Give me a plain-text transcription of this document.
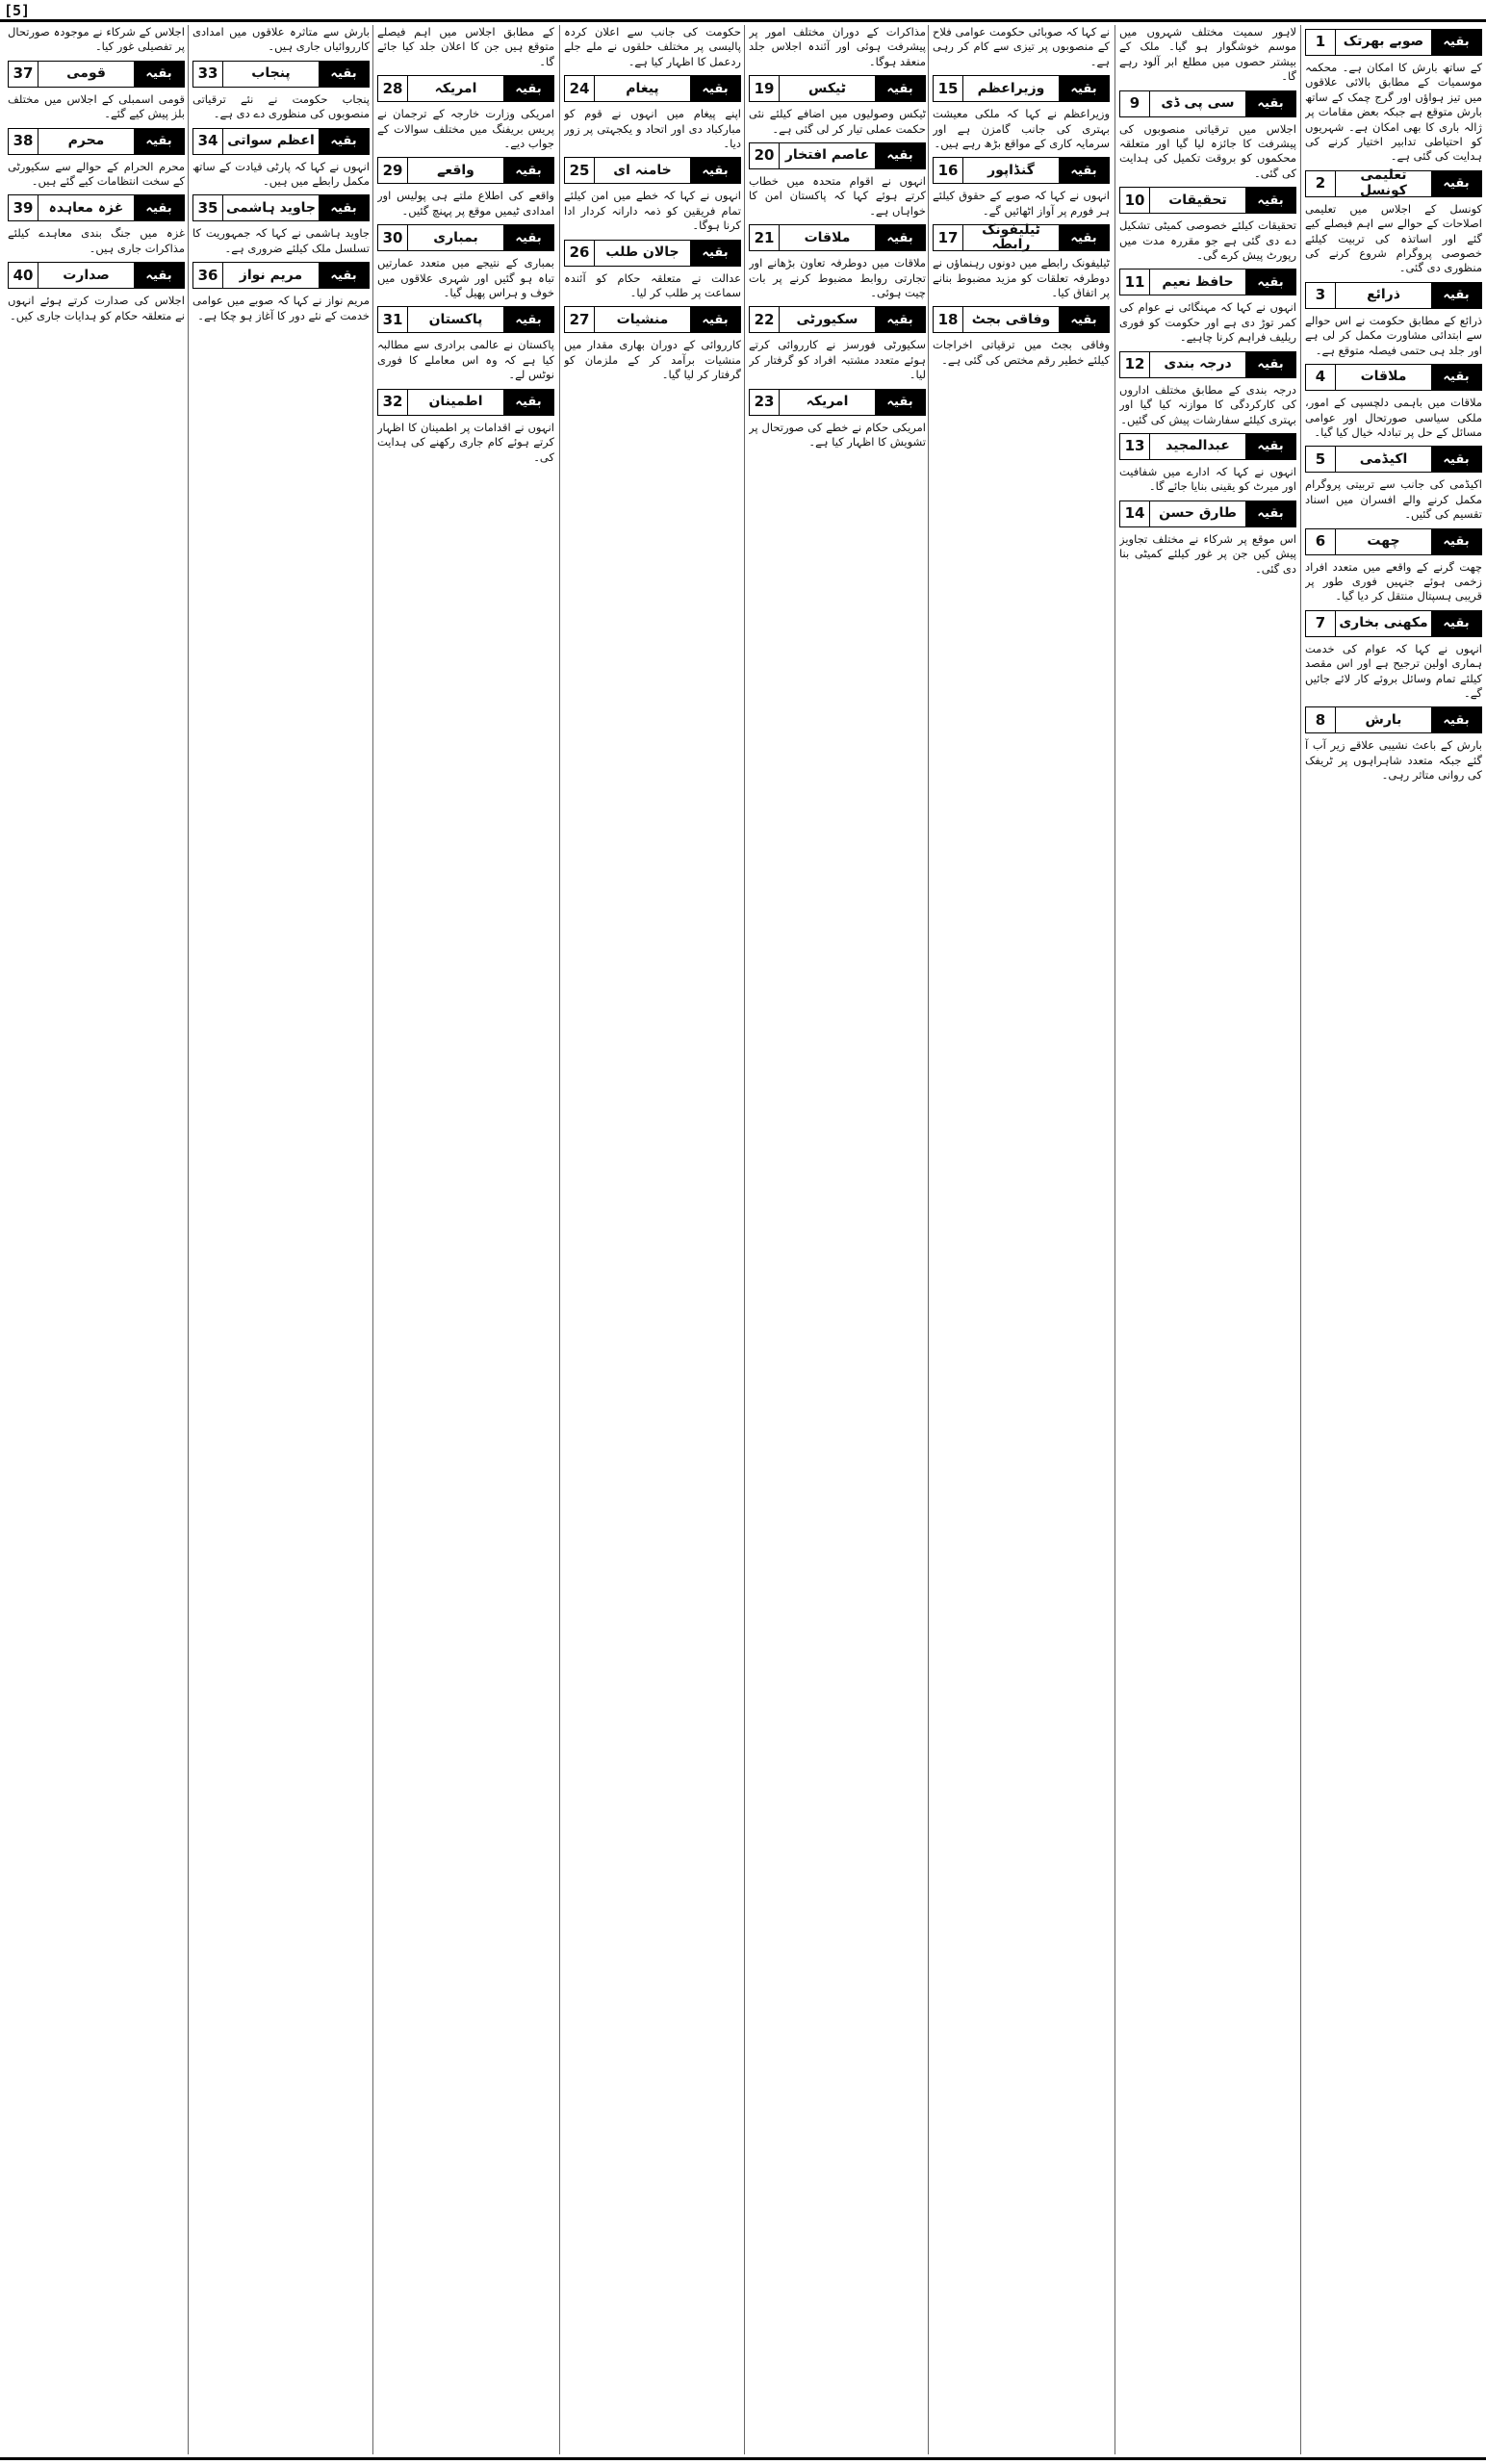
[5]
بقیہ
صوبے بھرتک
1
کے ساتھ بارش کا امکان ہے۔ محکمہ موسمیات کے مطابق بالائی علاقوں میں تیز ہواؤں اور گرج چمک کے ساتھ بارش متوقع ہے جبکہ بعض مقامات پر ژالہ باری کا بھی امکان ہے۔ شہریوں کو احتیاطی تدابیر اختیار کرنے کی ہدایت کی گئی ہے۔
بقیہ
تعلیمی کونسل
2
کونسل کے اجلاس میں تعلیمی اصلاحات کے حوالے سے اہم فیصلے کیے گئے اور اساتذہ کی تربیت کیلئے خصوصی پروگرام شروع کرنے کی منظوری دی گئی۔
بقیہ
ذرائع
3
ذرائع کے مطابق حکومت نے اس حوالے سے ابتدائی مشاورت مکمل کر لی ہے اور جلد ہی حتمی فیصلہ متوقع ہے۔
بقیہ
ملاقات
4
ملاقات میں باہمی دلچسپی کے امور، ملکی سیاسی صورتحال اور عوامی مسائل کے حل پر تبادلہ خیال کیا گیا۔
بقیہ
اکیڈمی
5
اکیڈمی کی جانب سے تربیتی پروگرام مکمل کرنے والے افسران میں اسناد تقسیم کی گئیں۔
بقیہ
چھت
6
چھت گرنے کے واقعے میں متعدد افراد زخمی ہوئے جنہیں فوری طور پر قریبی ہسپتال منتقل کر دیا گیا۔
بقیہ
مکھنی بخاری
7
انہوں نے کہا کہ عوام کی خدمت ہماری اولین ترجیح ہے اور اس مقصد کیلئے تمام وسائل بروئے کار لائے جائیں گے۔
بقیہ
بارش
8
بارش کے باعث نشیبی علاقے زیر آب آ گئے جبکہ متعدد شاہراہوں پر ٹریفک کی روانی متاثر رہی۔
لاہور سمیت مختلف شہروں میں موسم خوشگوار ہو گیا۔ ملک کے بیشتر حصوں میں مطلع ابر آلود رہے گا۔
بقیہ
سی پی ڈی
9
اجلاس میں ترقیاتی منصوبوں کی پیشرفت کا جائزہ لیا گیا اور متعلقہ محکموں کو بروقت تکمیل کی ہدایت کی گئی۔
بقیہ
تحقیقات
10
تحقیقات کیلئے خصوصی کمیٹی تشکیل دے دی گئی ہے جو مقررہ مدت میں رپورٹ پیش کرے گی۔
بقیہ
حافظ نعیم
11
انہوں نے کہا کہ مہنگائی نے عوام کی کمر توڑ دی ہے اور حکومت کو فوری ریلیف فراہم کرنا چاہیے۔
بقیہ
درجہ بندی
12
درجہ بندی کے مطابق مختلف اداروں کی کارکردگی کا موازنہ کیا گیا اور بہتری کیلئے سفارشات پیش کی گئیں۔
بقیہ
عبدالمجید
13
انہوں نے کہا کہ ادارے میں شفافیت اور میرٹ کو یقینی بنایا جائے گا۔
بقیہ
طارق حسن
14
اس موقع پر شرکاء نے مختلف تجاویز پیش کیں جن پر غور کیلئے کمیٹی بنا دی گئی۔
نے کہا کہ صوبائی حکومت عوامی فلاح کے منصوبوں پر تیزی سے کام کر رہی ہے۔
بقیہ
وزیراعظم
15
وزیراعظم نے کہا کہ ملکی معیشت بہتری کی جانب گامزن ہے اور سرمایہ کاری کے مواقع بڑھ رہے ہیں۔
بقیہ
گنڈاپور
16
انہوں نے کہا کہ صوبے کے حقوق کیلئے ہر فورم پر آواز اٹھائیں گے۔
بقیہ
ٹیلیفونک رابطہ
17
ٹیلیفونک رابطے میں دونوں رہنماؤں نے دوطرفہ تعلقات کو مزید مضبوط بنانے پر اتفاق کیا۔
بقیہ
وفاقی بجٹ
18
وفاقی بجٹ میں ترقیاتی اخراجات کیلئے خطیر رقم مختص کی گئی ہے۔
مذاکرات کے دوران مختلف امور پر پیشرفت ہوئی اور آئندہ اجلاس جلد منعقد ہوگا۔
بقیہ
ٹیکس
19
ٹیکس وصولیوں میں اضافے کیلئے نئی حکمت عملی تیار کر لی گئی ہے۔
بقیہ
عاصم افتخار
20
انہوں نے اقوام متحدہ میں خطاب کرتے ہوئے کہا کہ پاکستان امن کا خواہاں ہے۔
بقیہ
ملاقات
21
ملاقات میں دوطرفہ تعاون بڑھانے اور تجارتی روابط مضبوط کرنے پر بات چیت ہوئی۔
بقیہ
سکیورٹی
22
سکیورٹی فورسز نے کارروائی کرتے ہوئے متعدد مشتبہ افراد کو گرفتار کر لیا۔
بقیہ
امریکہ
23
امریکی حکام نے خطے کی صورتحال پر تشویش کا اظہار کیا ہے۔
حکومت کی جانب سے اعلان کردہ پالیسی پر مختلف حلقوں نے ملے جلے ردعمل کا اظہار کیا ہے۔
بقیہ
پیغام
24
اپنے پیغام میں انہوں نے قوم کو مبارکباد دی اور اتحاد و یکجہتی پر زور دیا۔
بقیہ
خامنہ ای
25
انہوں نے کہا کہ خطے میں امن کیلئے تمام فریقین کو ذمہ دارانہ کردار ادا کرنا ہوگا۔
بقیہ
جالان طلب
26
عدالت نے متعلقہ حکام کو آئندہ سماعت پر طلب کر لیا۔
بقیہ
منشیات
27
کارروائی کے دوران بھاری مقدار میں منشیات برآمد کر کے ملزمان کو گرفتار کر لیا گیا۔
کے مطابق اجلاس میں اہم فیصلے متوقع ہیں جن کا اعلان جلد کیا جائے گا۔
بقیہ
امریکہ
28
امریکی وزارت خارجہ کے ترجمان نے پریس بریفنگ میں مختلف سوالات کے جواب دیے۔
بقیہ
واقعے
29
واقعے کی اطلاع ملتے ہی پولیس اور امدادی ٹیمیں موقع پر پہنچ گئیں۔
بقیہ
بمباری
30
بمباری کے نتیجے میں متعدد عمارتیں تباہ ہو گئیں اور شہری علاقوں میں خوف و ہراس پھیل گیا۔
بقیہ
پاکستان
31
پاکستان نے عالمی برادری سے مطالبہ کیا ہے کہ وہ اس معاملے کا فوری نوٹس لے۔
بقیہ
اطمینان
32
انہوں نے اقدامات پر اطمینان کا اظہار کرتے ہوئے کام جاری رکھنے کی ہدایت کی۔
بارش سے متاثرہ علاقوں میں امدادی کارروائیاں جاری ہیں۔
بقیہ
پنجاب
33
پنجاب حکومت نے نئے ترقیاتی منصوبوں کی منظوری دے دی ہے۔
بقیہ
اعظم سواتی
34
انہوں نے کہا کہ پارٹی قیادت کے ساتھ مکمل رابطے میں ہیں۔
بقیہ
جاوید ہاشمی
35
جاوید ہاشمی نے کہا کہ جمہوریت کا تسلسل ملک کیلئے ضروری ہے۔
بقیہ
مریم نواز
36
مریم نواز نے کہا کہ صوبے میں عوامی خدمت کے نئے دور کا آغاز ہو چکا ہے۔
اجلاس کے شرکاء نے موجودہ صورتحال پر تفصیلی غور کیا۔
بقیہ
قومی
37
قومی اسمبلی کے اجلاس میں مختلف بلز پیش کیے گئے۔
بقیہ
محرم
38
محرم الحرام کے حوالے سے سکیورٹی کے سخت انتظامات کیے گئے ہیں۔
بقیہ
غزہ معاہدہ
39
غزہ میں جنگ بندی معاہدے کیلئے مذاکرات جاری ہیں۔
بقیہ
صدارت
40
اجلاس کی صدارت کرتے ہوئے انہوں نے متعلقہ حکام کو ہدایات جاری کیں۔
